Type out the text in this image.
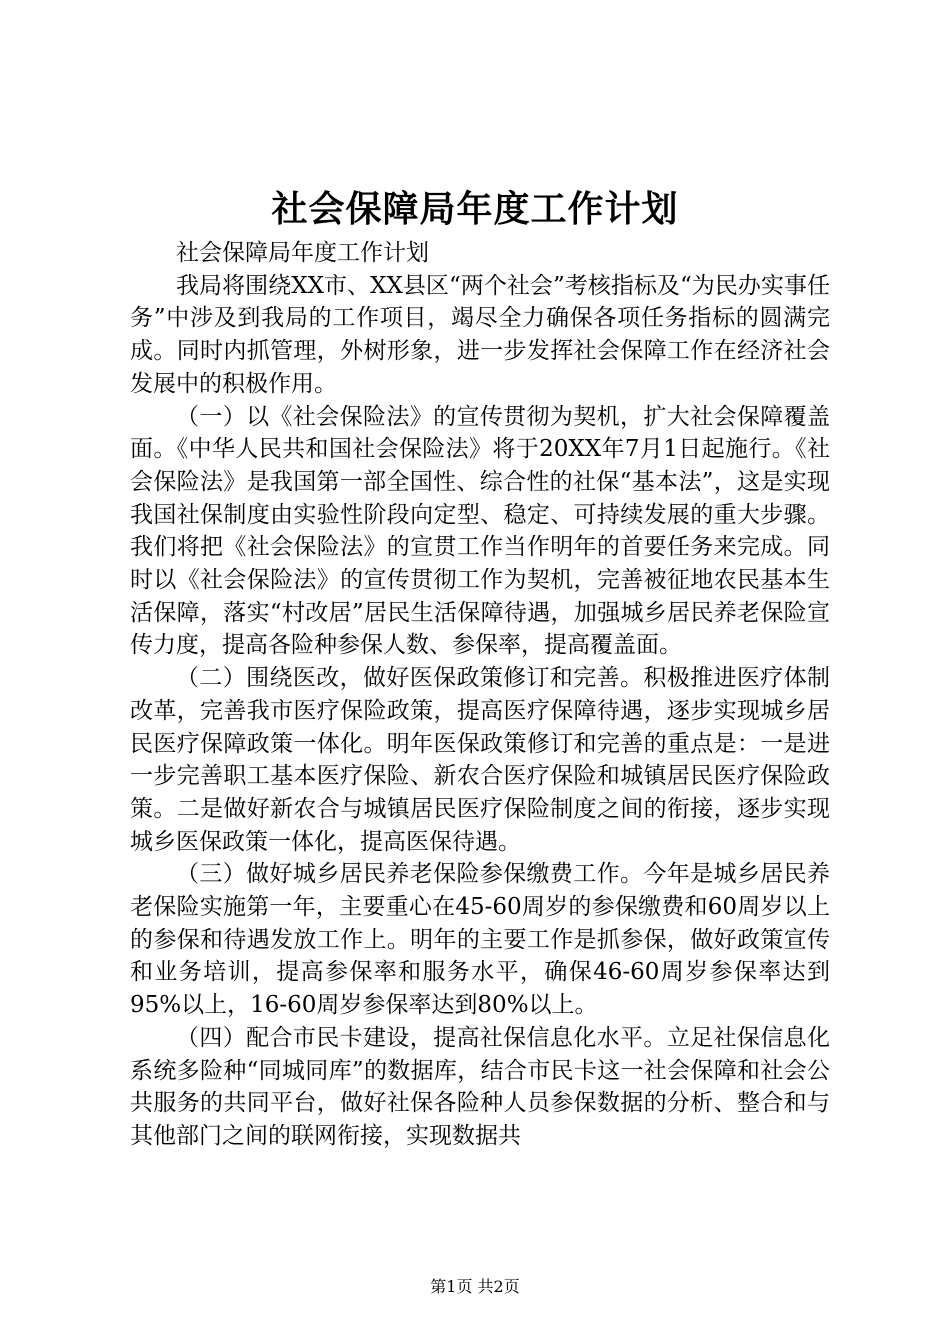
社会保障局年度工作计划

社会保障局年度工作计划

我局将围绕XX市、XX县区“两个社会”考核指标及“为民办实事任务”中涉及到我局的工作项目，竭尽全力确保各项任务指标的圆满完成。同时内抓管理，外树形象，进一步发挥社会保障工作在经济社会发展中的积极作用。

（一）以《社会保险法》的宣传贯彻为契机，扩大社会保障覆盖面。《中华人民共和国社会保险法》将于20XX年7月1日起施行。《社会保险法》是我国第一部全国性、综合性的社保“基本法”，这是实现我国社保制度由实验性阶段向定型、稳定、可持续发展的重大步骤。我们将把《社会保险法》的宣贯工作当作明年的首要任务来完成。同时以《社会保险法》的宣传贯彻工作为契机，完善被征地农民基本生活保障，落实“村改居”居民生活保障待遇，加强城乡居民养老保险宣传力度，提高各险种参保人数、参保率，提高覆盖面。

（二）围绕医改，做好医保政策修订和完善。积极推进医疗体制改革，完善我市医疗保险政策，提高医疗保障待遇，逐步实现城乡居民医疗保障政策一体化。明年医保政策修订和完善的重点是：一是进一步完善职工基本医疗保险、新农合医疗保险和城镇居民医疗保险政策。二是做好新农合与城镇居民医疗保险制度之间的衔接，逐步实现城乡医保政策一体化，提高医保待遇。

（三）做好城乡居民养老保险参保缴费工作。今年是城乡居民养老保险实施第一年，主要重心在45-60周岁的参保缴费和60周岁以上的参保和待遇发放工作上。明年的主要工作是抓参保，做好政策宣传和业务培训，提高参保率和服务水平，确保46-60周岁参保率达到95%以上，16-60周岁参保率达到80%以上。

（四）配合市民卡建设，提高社保信息化水平。立足社保信息化系统多险种“同城同库”的数据库，结合市民卡这一社会保障和社会公共服务的共同平台，做好社保各险种人员参保数据的分析、整合和与其他部门之间的联网衔接，实现数据共

第1页 共2页
